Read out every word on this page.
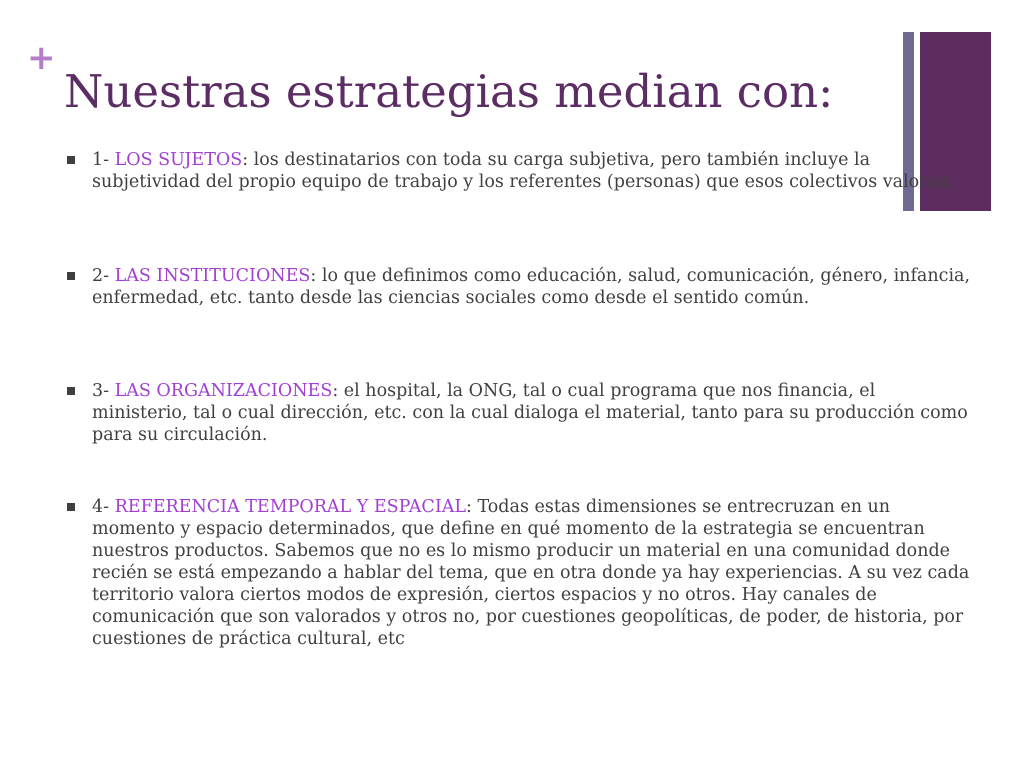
+
Nuestras estrategias median con:
1- LOS SUJETOS: los destinatarios con toda su carga subjetiva, pero también incluye la subjetividad del propio equipo de trabajo y los referentes (personas) que esos colectivos valoran.
2- LAS INSTITUCIONES: lo que definimos como educación, salud, comunicación, género, infancia, enfermedad, etc. tanto desde las ciencias sociales como desde el sentido común.
3- LAS ORGANIZACIONES: el hospital, la ONG, tal o cual programa que nos financia, el ministerio, tal o cual dirección, etc. con la cual dialoga el material, tanto para su producción como para su circulación.
4- REFERENCIA TEMPORAL Y ESPACIAL: Todas estas dimensiones se entrecruzan en un momento y espacio determinados, que define en qué momento de la estrategia se encuentran nuestros productos. Sabemos que no es lo mismo producir un material en una comunidad donde recién se está empezando a hablar del tema, que en otra donde ya hay experiencias. A su vez cada territorio valora ciertos modos de expresión, ciertos espacios y no otros. Hay canales de comunicación que son valorados y otros no, por cuestiones geopolíticas, de poder, de historia, por cuestiones de práctica cultural, etc
